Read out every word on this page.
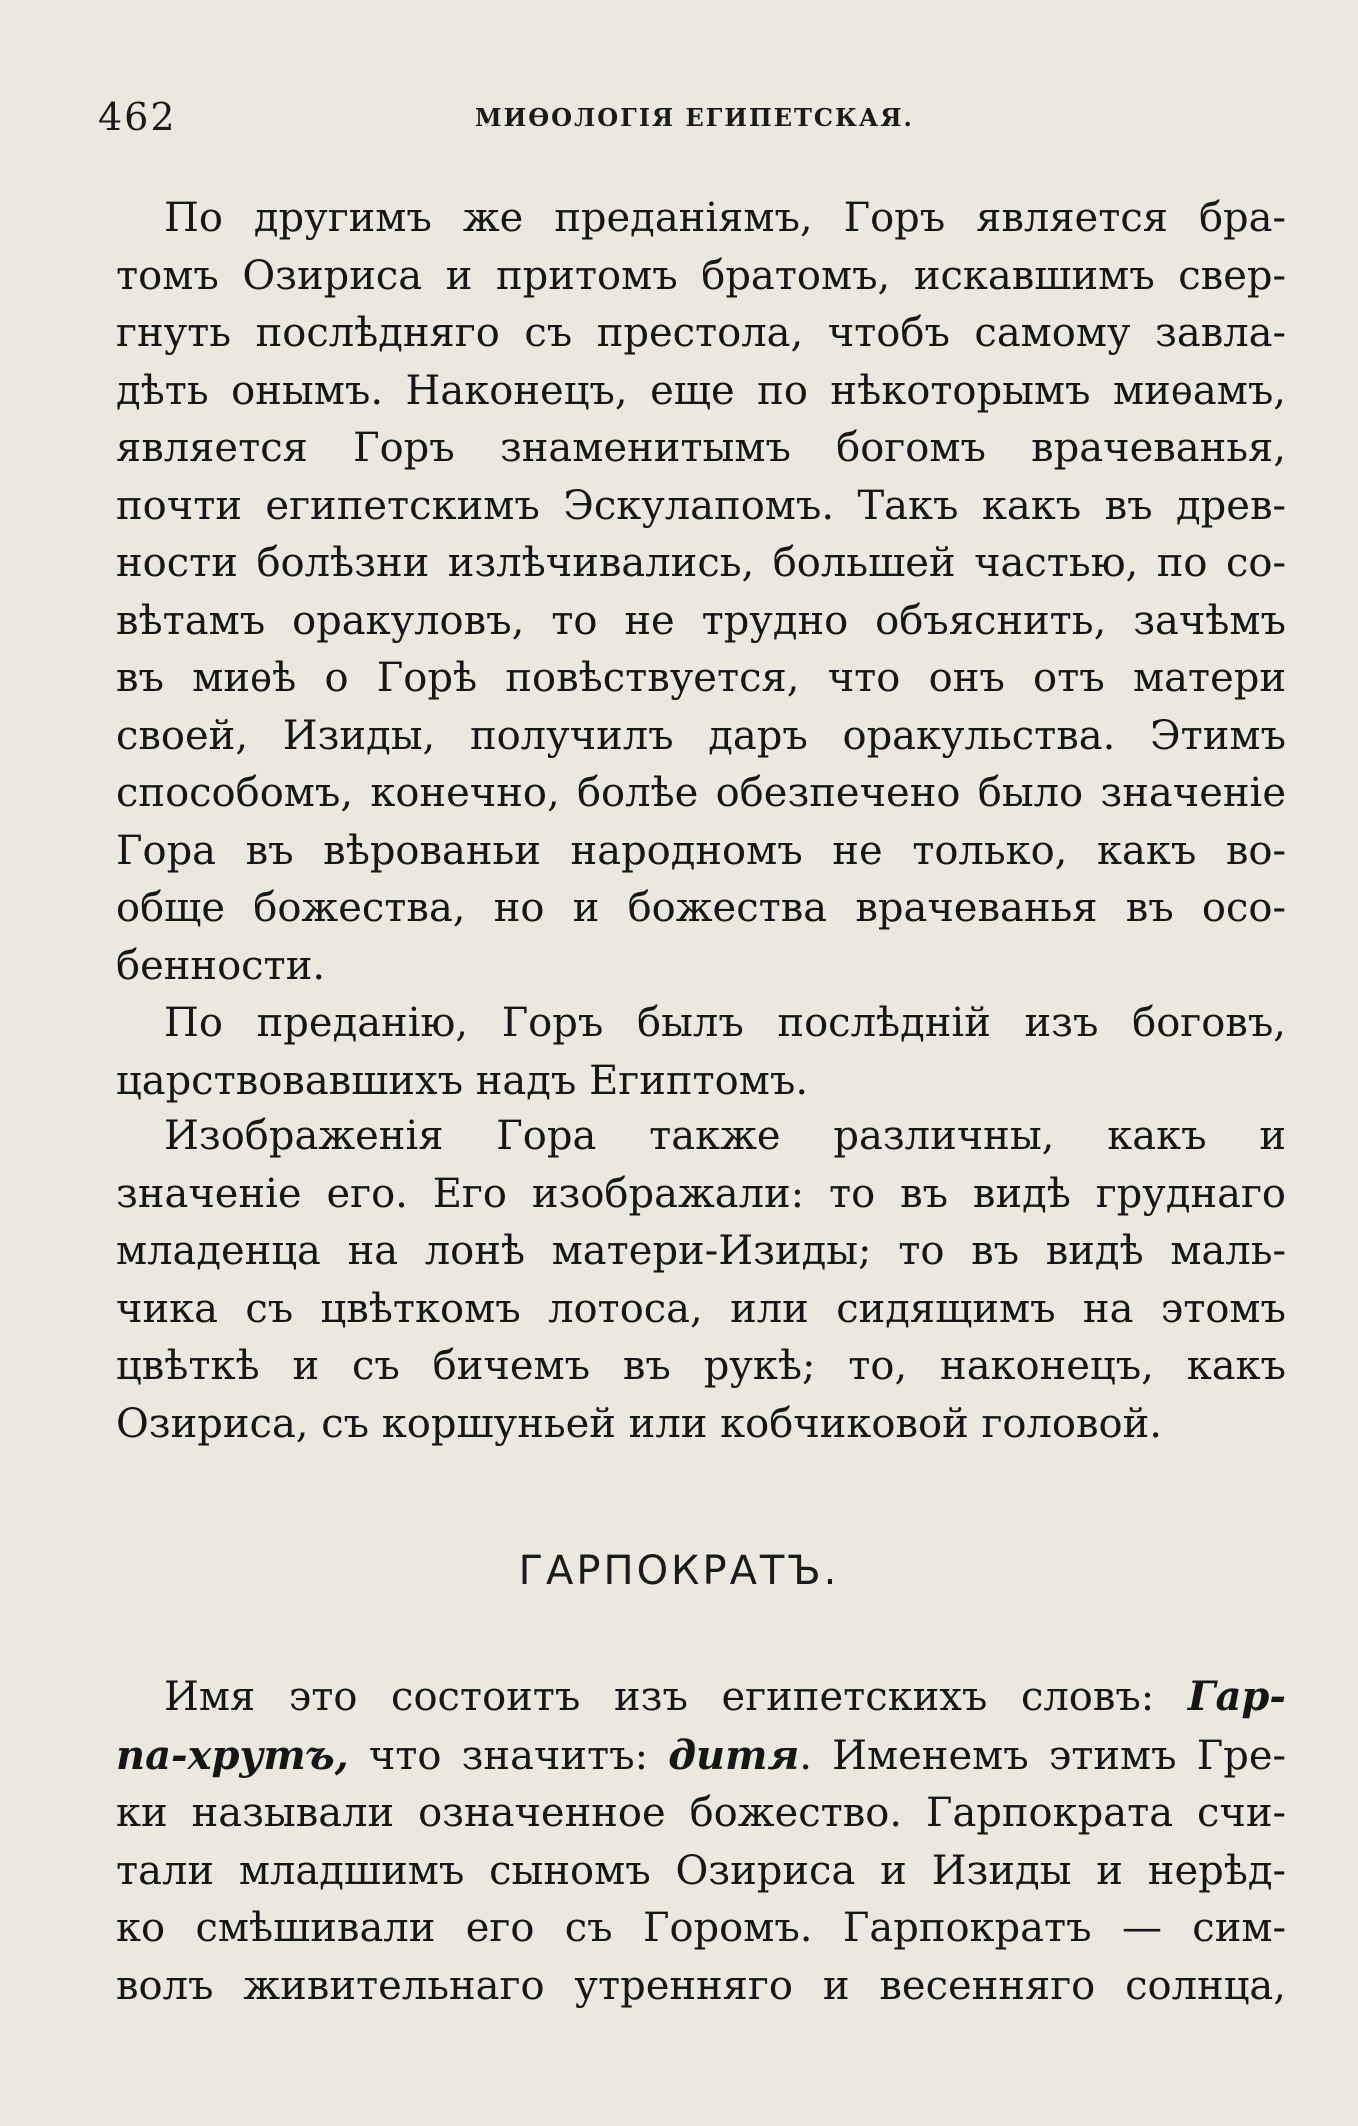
462	МИѲОЛОГІЯ ЕГИПЕТСКАЯ.
По другимъ же преданіямъ, Горъ является бра-
томъ Озириса и притомъ братомъ, искавшимъ свер-
гнуть послѣдняго съ престола, чтобъ самому завла-
дѣть онымъ. Наконецъ, еще по нѣкоторымъ миѳамъ,
является Горъ знаменитымъ богомъ врачеванья,
почти египетскимъ Эскулапомъ. Такъ какъ въ древ-
ности болѣзни излѣчивались, большей частью, по со-
вѣтамъ оракуловъ, то не трудно объяснить, зачѣмъ
въ миѳѣ о Горѣ повѣствуется, что онъ отъ матери
своей, Изиды, получилъ даръ оракульства. Этимъ
способомъ, конечно, болѣе обезпечено было значеніе
Гора въ вѣрованьи народномъ не только, какъ во-
обще божества, но и божества врачеванья въ осо-
бенности.
По преданію, Горъ былъ послѣдній изъ боговъ,
царствовавшихъ надъ Египтомъ.
Изображенія Гора также различны, какъ и
значеніе его. Его изображали: то въ видѣ груднаго
младенца на лонѣ матери-Изиды; то въ видѣ маль-
чика съ цвѣткомъ лотоса, или сидящимъ на этомъ
цвѣткѣ и съ бичемъ въ рукѣ; то, наконецъ, какъ
Озириса, съ коршуньей или кобчиковой головой.
ГАРПОКРАТЪ.
Имя это состоитъ изъ египетскихъ словъ: Гар-
па-хрутъ, что значитъ: дитя. Именемъ этимъ Гре-
ки называли означенное божество. Гарпократа счи-
тали младшимъ сыномъ Озириса и Изиды и нерѣд-
ко смѣшивали его съ Горомъ. Гарпократъ — сим-
волъ живительнаго утренняго и весенняго солнца,
